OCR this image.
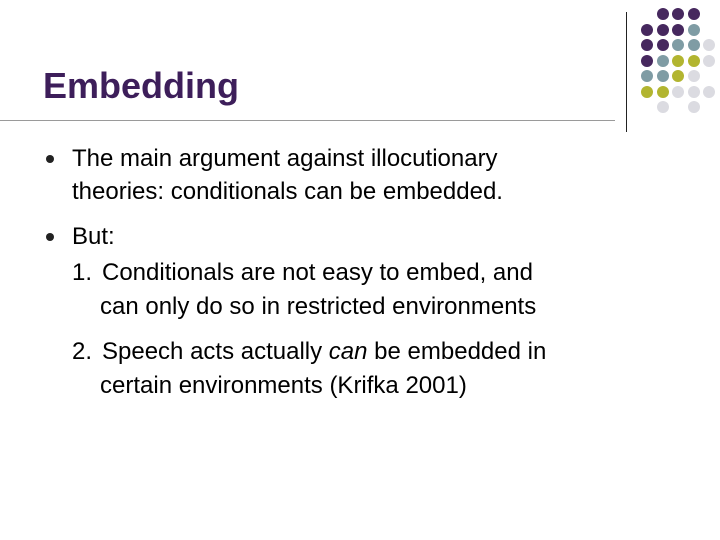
Embedding
The main argument against illocutionary
theories: conditionals can be embedded.
But:
1. Conditionals are not easy to embed, and
can only do so in restricted environments
2. Speech acts actually can be embedded in
certain environments (Krifka 2001)
